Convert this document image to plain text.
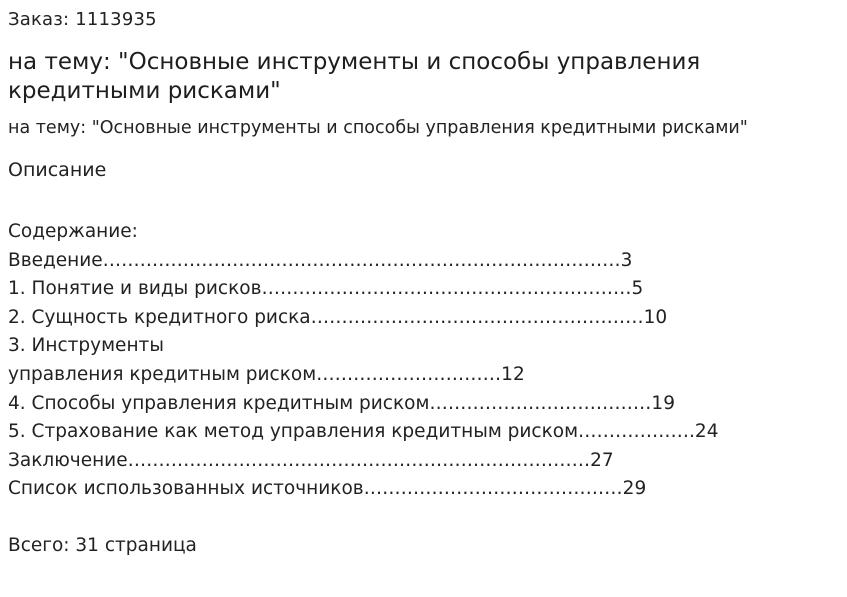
Заказ: 1113935
на тему: "Основные инструменты и способы управления кредитными рисками"
на тему: "Основные инструменты и способы управления кредитными рисками"
Описание
Содержание:
Введение…………………………………………………………………………3
1. Понятие и виды рисков……………………………………………………5
2. Сущность кредитного риска………………………………………………10
3. Инструменты
управления кредитным риском…………………………12
4. Способы управления кредитным риском………………………………19
5. Страхование как метод управления кредитным риском……………….24
Заключение…………………………………………………………………27
Список использованных источников……………………………………29
Всего: 31 страница
